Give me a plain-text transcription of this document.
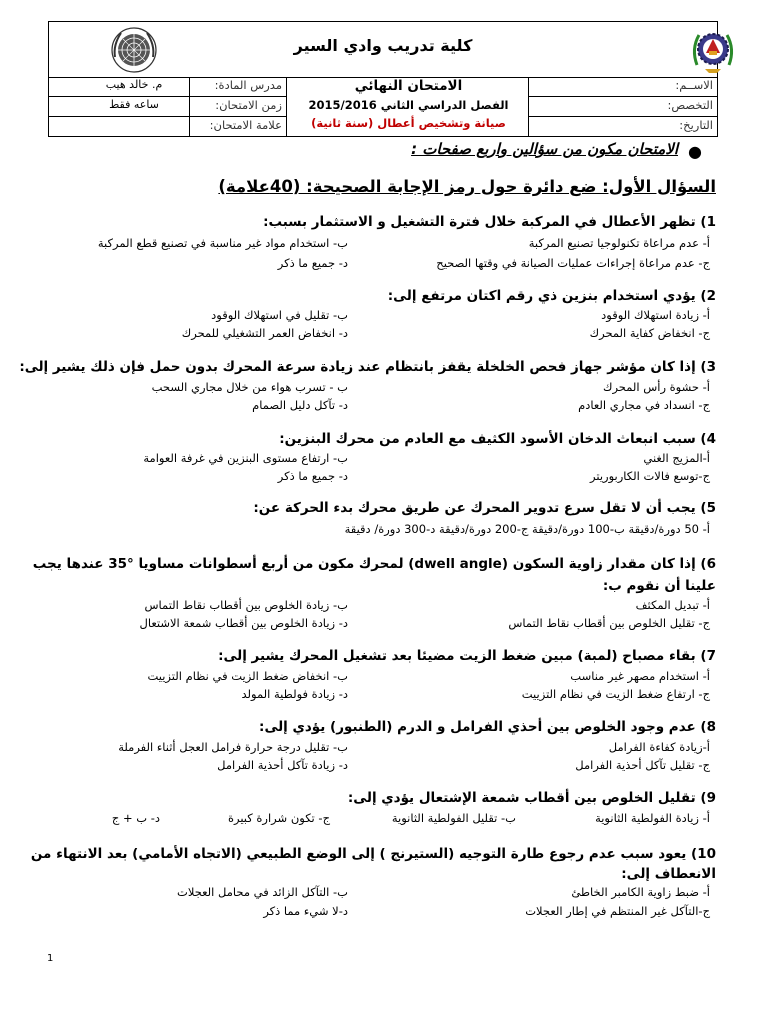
كلية تدريب وادي السير
الاســم:
التخصص:
التاريخ:
الامتحان النهائي
الفصل الدراسي الثاني 2015/2016
صيانة وتشخيص أعطال (سنة ثانية)
مدرس المادة:
م. خالد هيب
زمن الامتحان:
ساعه فقط
علامة الامتحان:
●
الامتحان مكون من سؤالين واربع صفحات :
السؤال الأول: ضع دائرة حول رمز الإجابة الصحيحة: (40علامة)
1) تظهر الأعطال في المركبة خلال فترة التشغيل و الاستثمار بسبب:
أ- عدم مراعاة تكنولوجيا تصنيع المركبة
ب- استخدام مواد غير مناسبة في تصنيع قطع المركبة
ج- عدم مراعاة إجراءات عمليات الصيانة في وقتها الصحيح
د- جميع ما ذكر
2) يؤدي استخدام بنزين ذي رقم اكتان مرتفع إلى:
أ- زيادة استهلاك الوقود
ب- تقليل في استهلاك الوقود
ج- انخفاض كفاية المحرك
د- انخفاض العمر التشغيلي للمحرك
3) إذا كان مؤشر جهاز فحص الخلخلة يقفز بانتظام عند زيادة سرعة المحرك بدون حمل فإن ذلك يشير إلى:
أ- حشوة رأس المحرك
ب - تسرب هواء من خلال مجاري السحب
ج- انسداد في مجاري العادم
د- تآكل دليل الصمام
4) سبب انبعاث الدخان الأسود الكثيف مع العادم من محرك البنزين:
أ-المزيج الغني
ب- ارتفاع مستوى البنزين في غرفة العوامة
ج-توسع فالات الكاربوريتر
د- جميع ما ذكر
5) يجب أن لا تقل سرع تدوير المحرك عن طريق محرك بدء الحركة عن:
أ- 50 دورة/دقيقة ب-100 دورة/دقيقة ج-200 دورة/دقيقة د-300 دورة/ دقيقة
6) إذا كان مقدار زاوية السكون (dwell angle) لمحرك مكون من أربع أسطوانات مساويا °35 عندها يجب
علينا أن نقوم ب:
أ- تبديل المكثف
ب- زيادة الخلوص بين أقطاب نقاط التماس
ج- تقليل الخلوص بين أقطاب نقاط التماس
د- زيادة الخلوص بين أقطاب شمعة الاشتعال
7) بقاء مصباح (لمبة) مبين ضغط الزيت مضيئا بعد تشغيل المحرك يشير إلى:
أ- استخدام مصهر غير مناسب
ب- انخفاض ضغط الزيت في نظام التزييت
ج- ارتفاع ضغط الزيت في نظام التزييت
د- زيادة فولطية المولد
8) عدم وجود الخلوص بين أحذي الفرامل و الدرم (الطنبور) يؤدي إلى:
أ-زيادة كفاءة الفرامل
ب- تقليل درجة حرارة فرامل العجل أثناء الفرملة
ج- تقليل تآكل أحذية الفرامل
د- زيادة تآكل أحذية الفرامل
9) تقليل الخلوص بين أقطاب شمعة الإشتعال يؤدي إلى:
أ- زيادة الفولطية الثانوية
ب- تقليل الفولطية الثانوية
ج- تكون شرارة كبيرة
د- ب + ج
10) يعود سبب عدم رجوع طارة التوجيه (الستيرنج ) إلى الوضع الطبيعي (الاتجاه الأمامي) بعد الانتهاء من
الانعطاف إلى:
أ- ضبط زاوية الكامبر الخاطئ
ب- التآكل الزائد في محامل العجلات
ج-التآكل غير المنتظم في إطار العجلات
د-لا شيء مما ذكر
1
